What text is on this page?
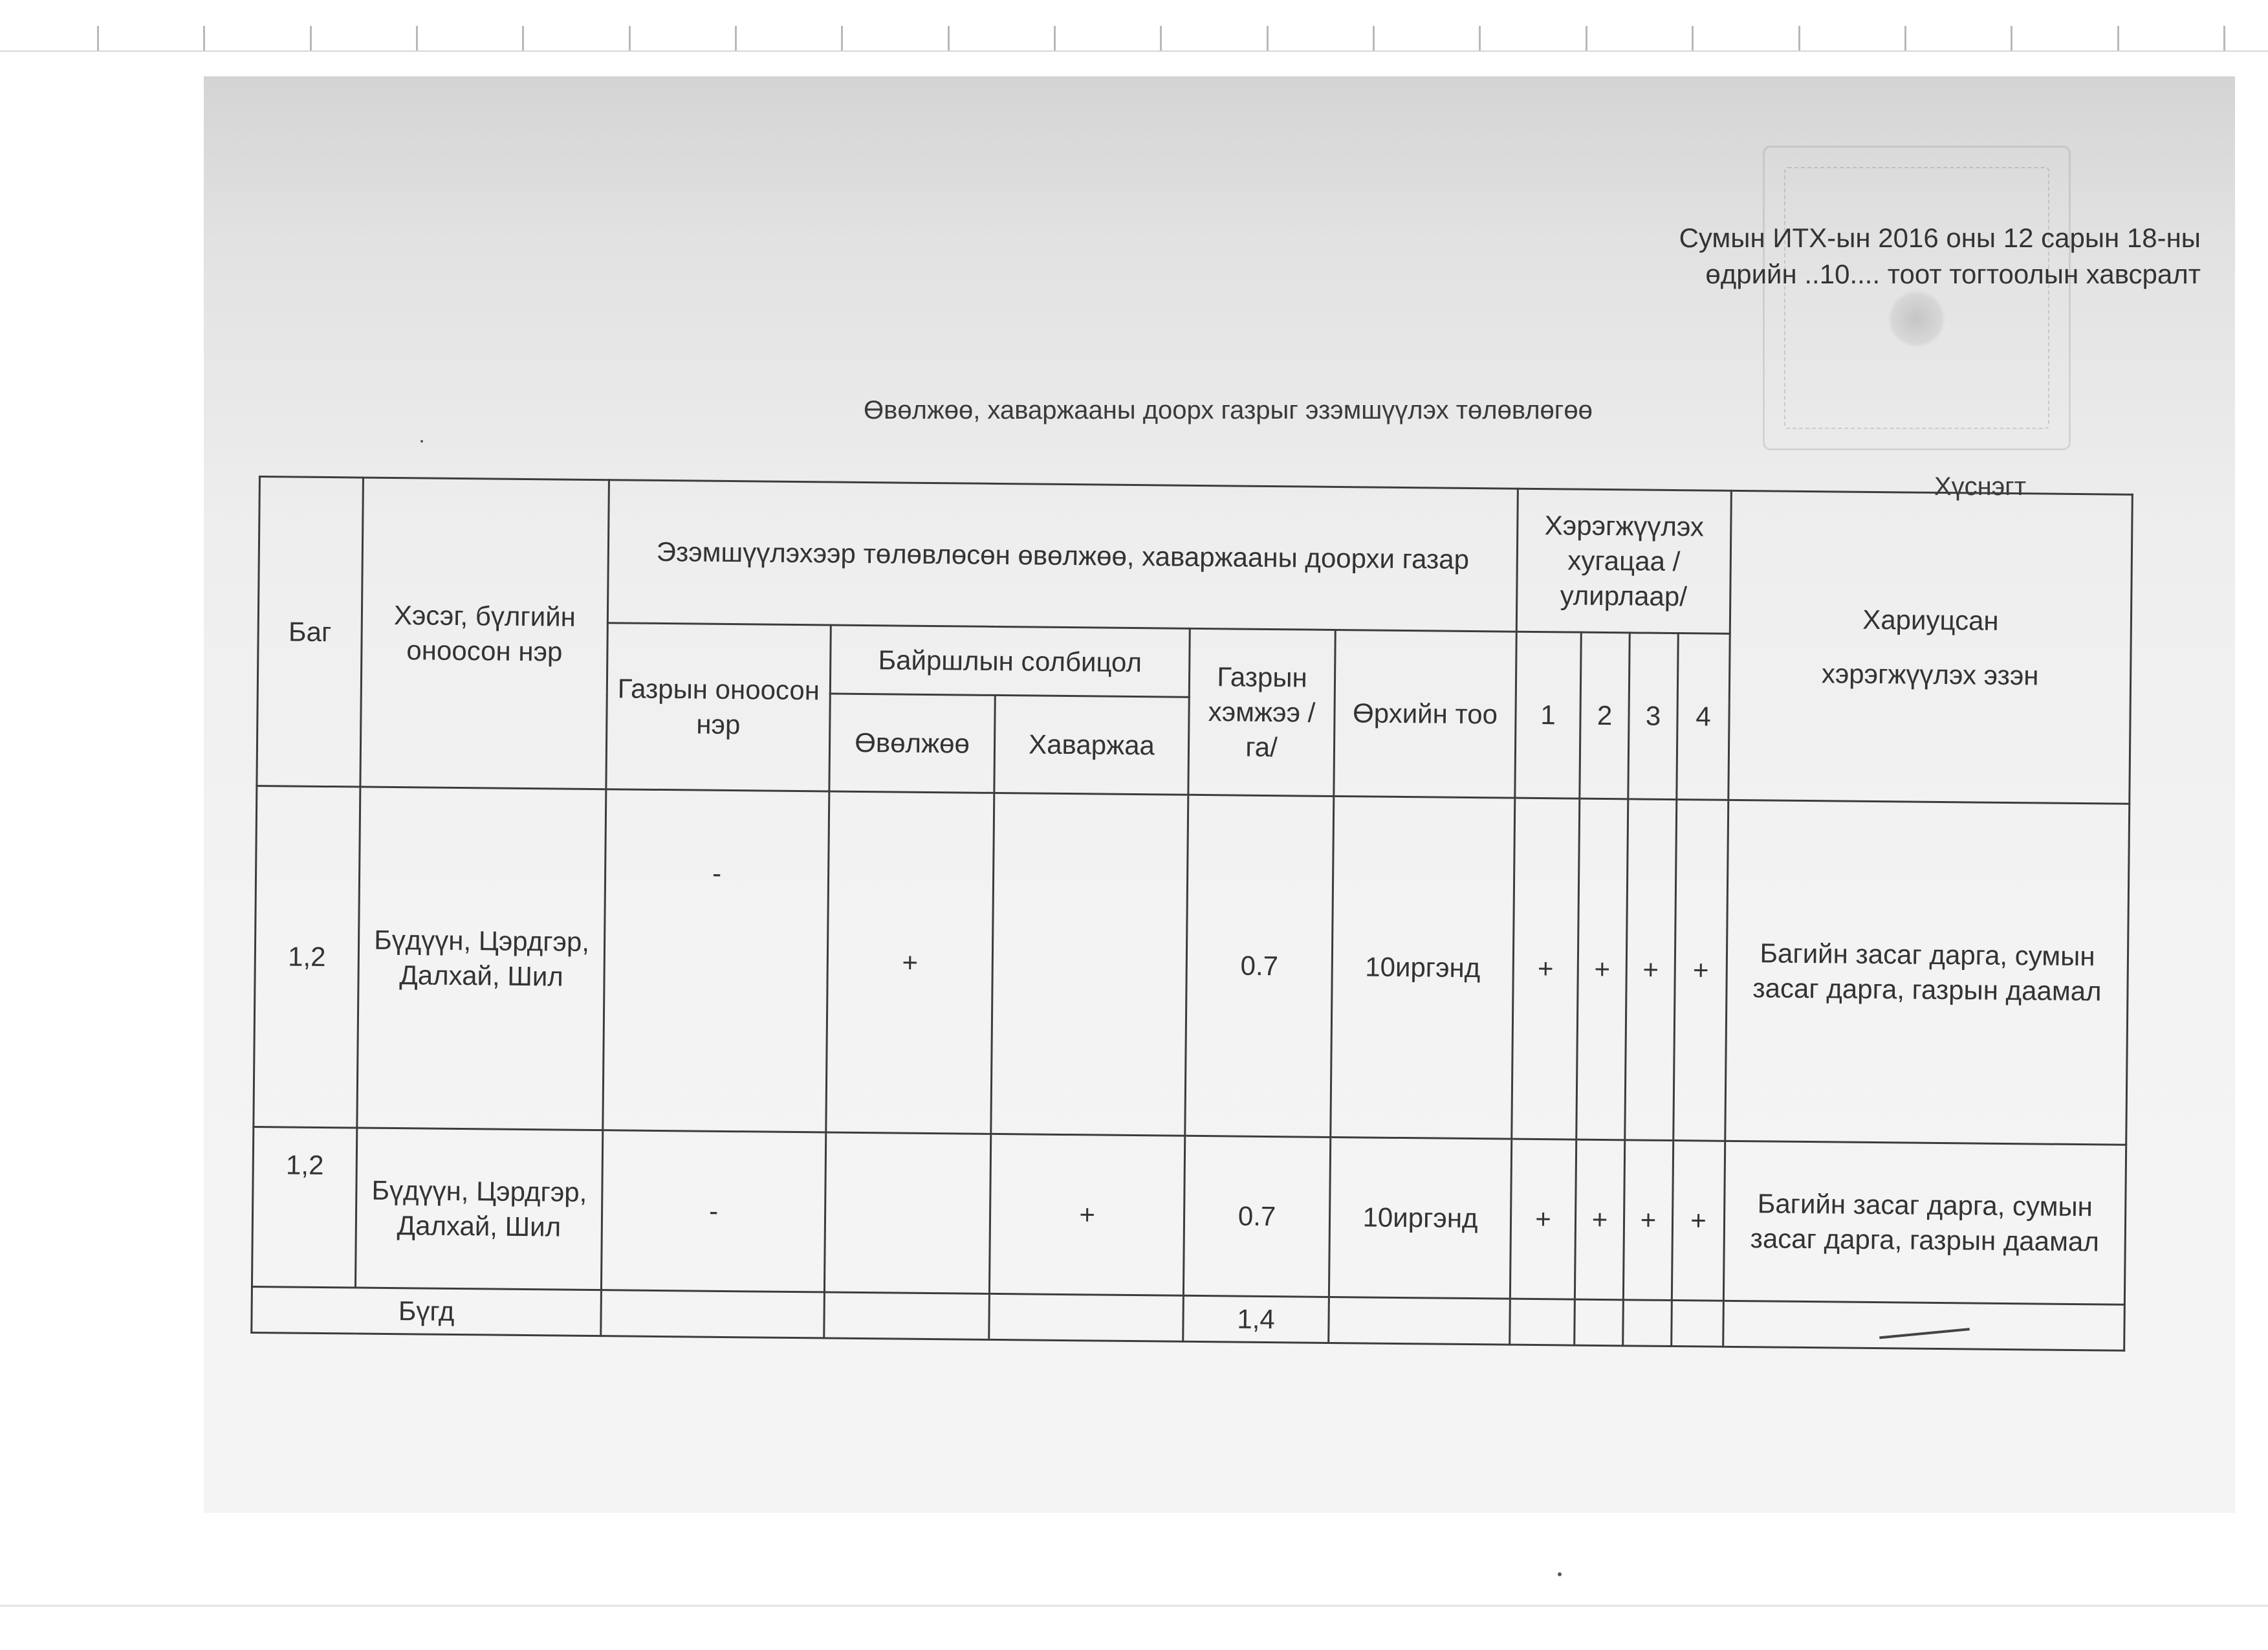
Сумын ИТХ-ын 2016 оны 12 сарын 18-ны
өдрийн ..10.... тоот тогтоолын хавсралт
Өвөлжөө, хаваржааны доорх газрыг эзэмшүүлэх төлөвлөгөө
Хүснэгт
Баг	Хэсэг, бүлгийн оноосон нэр	Эзэмшүүлэхээр төлөвлөсөн өвөлжөө, хаваржааны доорхи газар					Хэрэгжүүлэх хугацаа /улирлаар/				Хариуцсан
хэрэгжүүлэх эзэн

		Газрын оноосон нэр	Байршлын солбицол		Газрын хэмжээ /га/	Өрхийн тоо	1	2	3	4	
			Өвөлжөө	Хаваржаа							
1,2	Бүдүүн, Цэрдгэр, Далхай, Шил	-	+		0.7	10иргэнд	+	+	+	+	Багийн засаг дарга, сумын засаг дарга, газрын даамал
1,2	Бүдүүн, Цэрдгэр, Далхай, Шил	-		+	0.7	10иргэнд	+	+	+	+	Багийн засаг дарга, сумын засаг дарга, газрын даамал
Бүгд					1,4						
